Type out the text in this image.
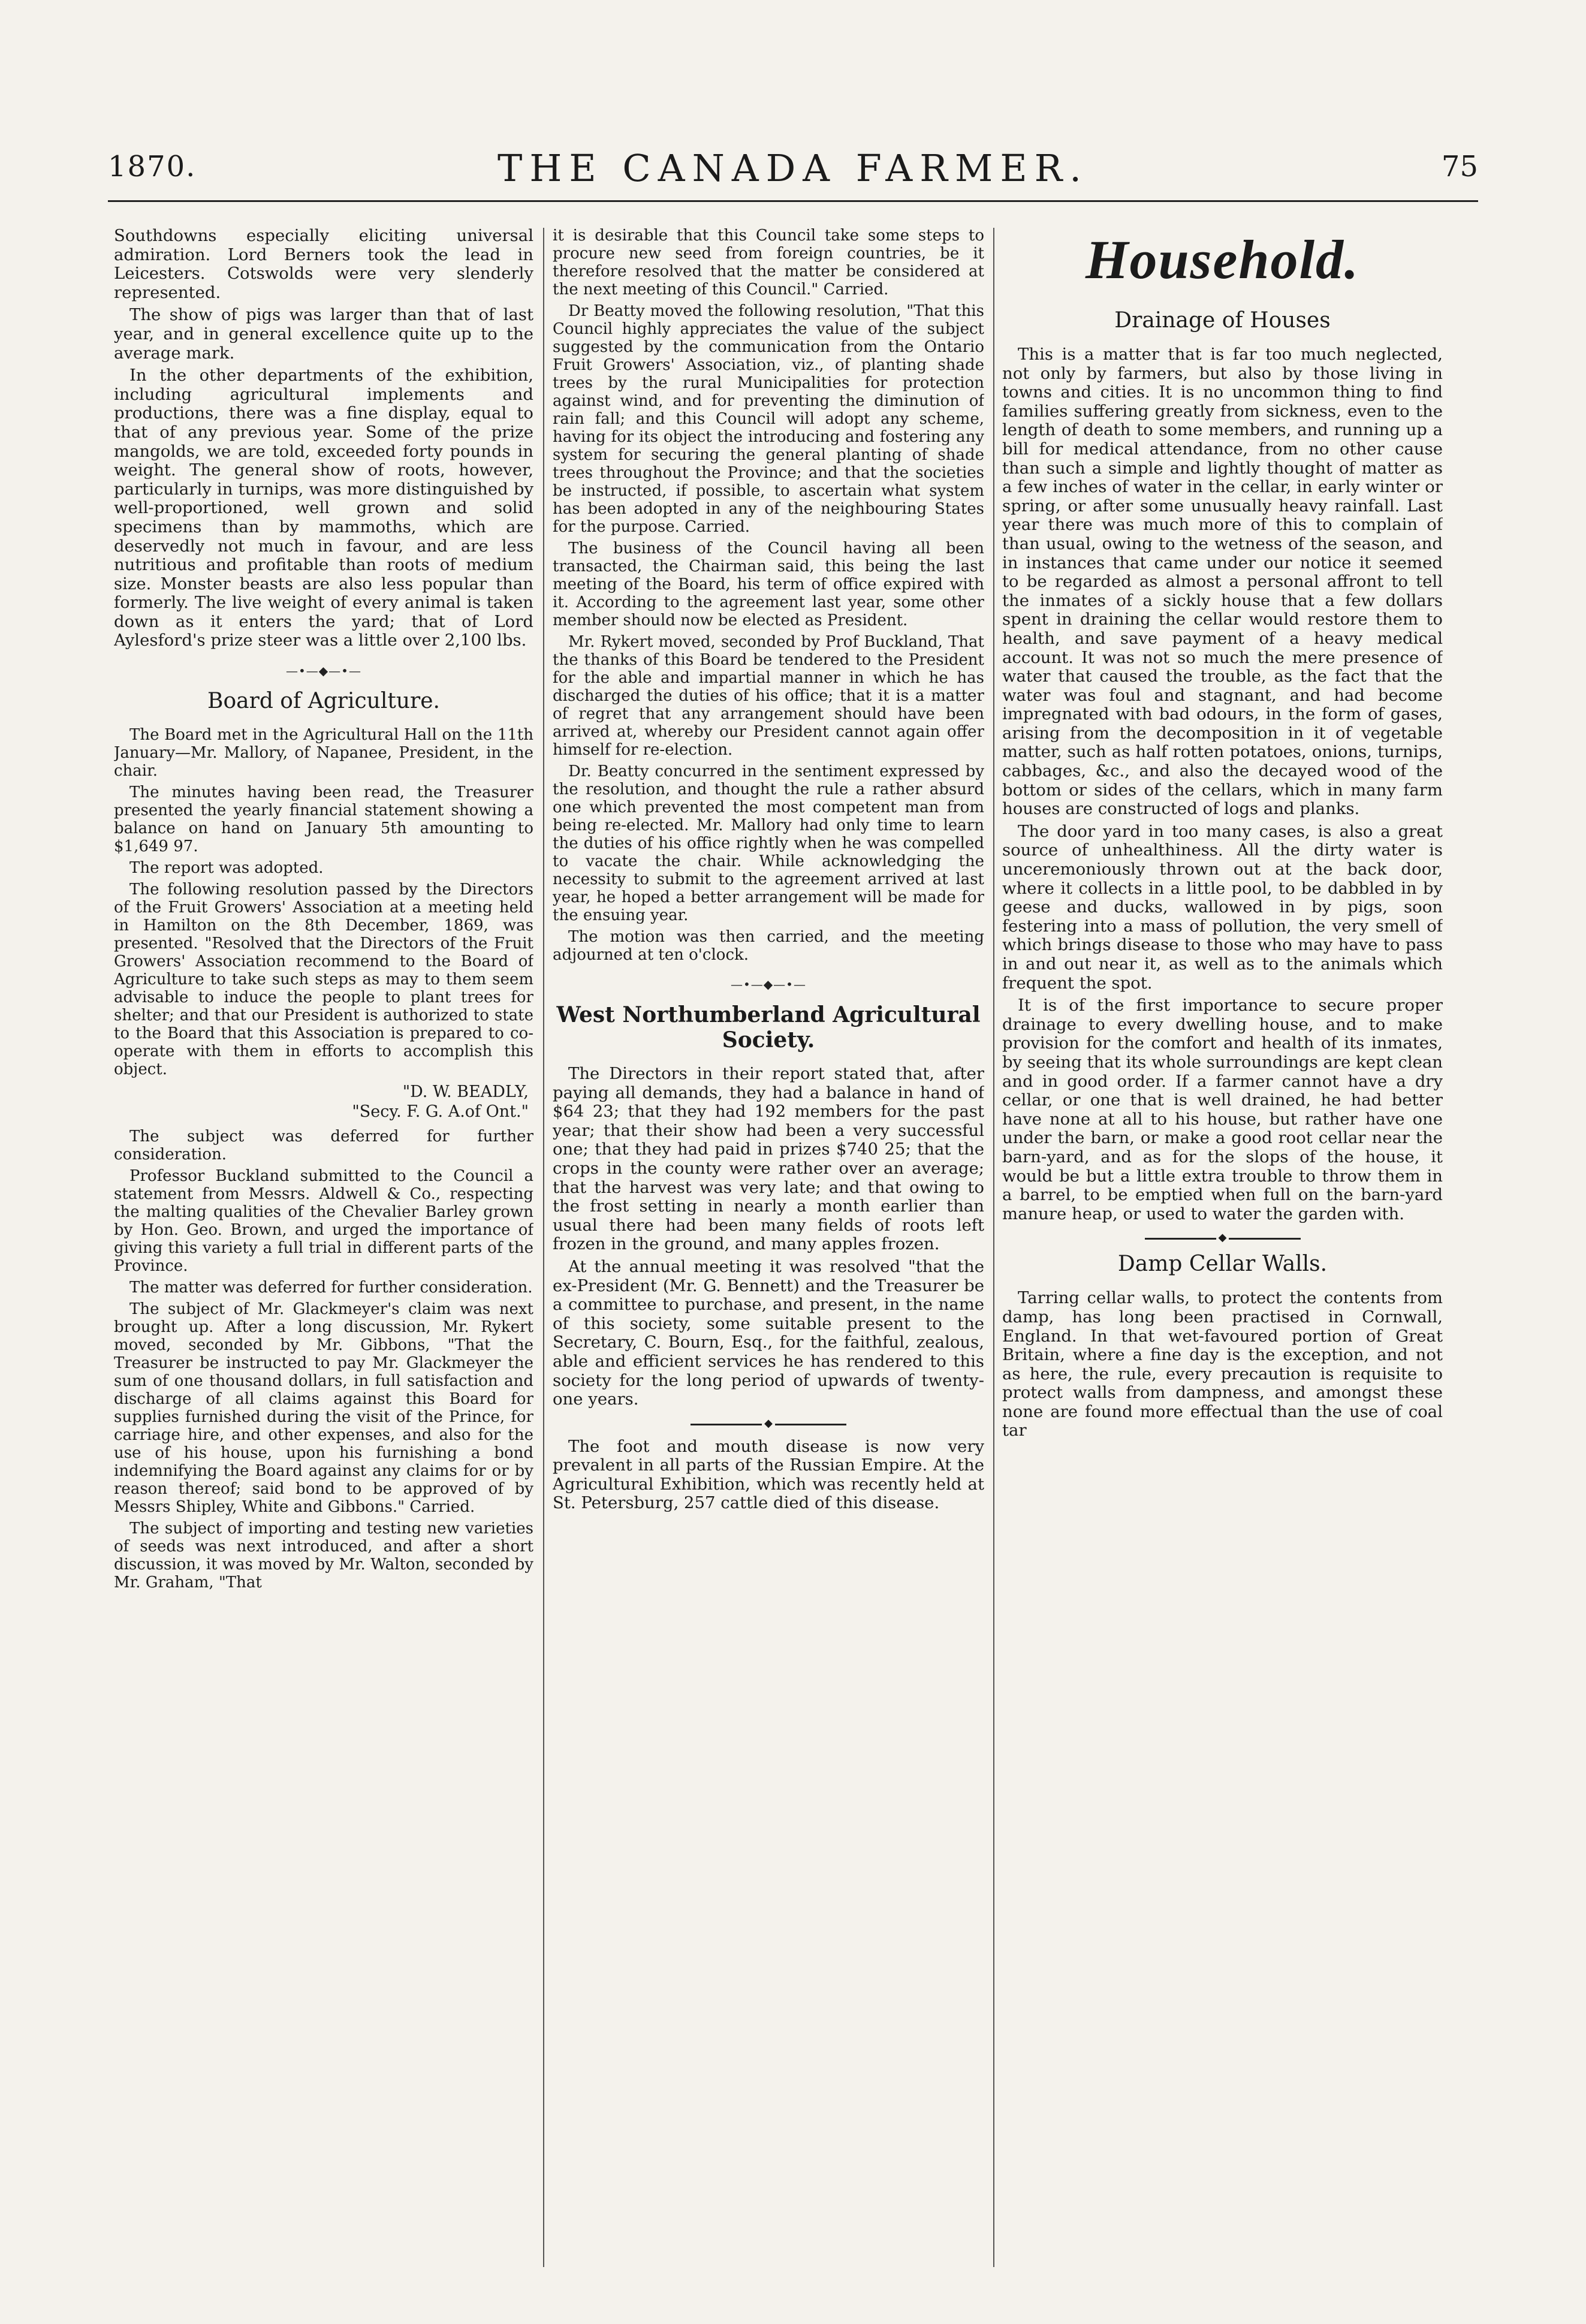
1870.	THE CANADA FARMER.	75

Southdowns especially eliciting universal admiration. Lord Berners took the lead in Leicesters. Cotswolds were very slenderly represented.

The show of pigs was larger than that of last year, and in general excellence quite up to the average mark.

In the other departments of the exhibition, including agricultural implements and productions, there was a fine display, equal to that of any previous year. Some of the prize mangolds, we are told, exceeded forty pounds in weight. The general show of roots, however, particularly in turnips, was more distinguished by well-proportioned, well grown and solid specimens than by mammoths, which are deservedly not much in favour, and are less nutritious and profitable than roots of medium size. Monster beasts are also less popular than formerly. The live weight of every animal is taken down as it enters the yard; that of Lord Aylesford's prize steer was a little over 2,100 lbs.

—•—◆—•—
Board of Agriculture.

The Board met in the Agricultural Hall on the 11th January—Mr. Mallory, of Napanee, President, in the chair.

The minutes having been read, the Treasurer presented the yearly financial statement showing a balance on hand on January 5th amounting to $1,649 97.

The report was adopted.

The following resolution passed by the Directors of the Fruit Growers' Association at a meeting held in Hamilton on the 8th December, 1869, was presented. "Resolved that the Directors of the Fruit Growers' Association recommend to the Board of Agriculture to take such steps as may to them seem advisable to induce the people to plant trees for shelter; and that our President is authorized to state to the Board that this Association is prepared to co-operate with them in efforts to accomplish this object.

"D. W. BEADLY,
"Secy. F. G. A.of Ont."

The subject was deferred for further consideration.

Professor Buckland submitted to the Council a statement from Messrs. Aldwell & Co., respecting the malting qualities of the Chevalier Barley grown by Hon. Geo. Brown, and urged the importance of giving this variety a full trial in different parts of the Province.

The matter was deferred for further consideration.

The subject of Mr. Glackmeyer's claim was next brought up. After a long discussion, Mr. Rykert moved, seconded by Mr. Gibbons, "That the Treasurer be instructed to pay Mr. Glackmeyer the sum of one thousand dollars, in full satisfaction and discharge of all claims against this Board for supplies furnished during the visit of the Prince, for carriage hire, and other expenses, and also for the use of his house, upon his furnishing a bond indemnifying the Board against any claims for or by reason thereof; said bond to be approved of by Messrs Shipley, White and Gibbons." Carried.

The subject of importing and testing new varieties of seeds was next introduced, and after a short discussion, it was moved by Mr. Walton, seconded by Mr. Graham, "That

it is desirable that this Council take some steps to procure new seed from foreign countries, be it therefore resolved that the matter be considered at the next meeting of this Council." Carried.

Dr Beatty moved the following resolution, "That this Council highly appreciates the value of the subject suggested by the communication from the Ontario Fruit Growers' Association, viz., of planting shade trees by the rural Municipalities for protection against wind, and for preventing the diminution of rain fall; and this Council will adopt any scheme, having for its object the introducing and fostering any system for securing the general planting of shade trees throughout the Province; and that the societies be instructed, if possible, to ascertain what system has been adopted in any of the neighbouring States for the purpose. Carried.

The business of the Council having all been transacted, the Chairman said, this being the last meeting of the Board, his term of office expired with it. According to the agreement last year, some other member should now be elected as President.

Mr. Rykert moved, seconded by Prof Buckland, That the thanks of this Board be tendered to the President for the able and impartial manner in which he has discharged the duties of his office; that it is a matter of regret that any arrangement should have been arrived at, whereby our President cannot again offer himself for re-election.

Dr. Beatty concurred in the sentiment expressed by the resolution, and thought the rule a rather absurd one which prevented the most competent man from being re-elected. Mr. Mallory had only time to learn the duties of his office rightly when he was compelled to vacate the chair. While acknowledging the necessity to submit to the agreement arrived at last year, he hoped a better arrangement will be made for the ensuing year.

The motion was then carried, and the meeting adjourned at ten o'clock.

—•—◆—•—
West Northumberland Agricultural Society.

The Directors in their report stated that, after paying all demands, they had a balance in hand of $64 23; that they had 192 members for the past year; that their show had been a very successful one; that they had paid in prizes $740 25; that the crops in the county were rather over an average; that the harvest was very late; and that owing to the frost setting in nearly a month earlier than usual there had been many fields of roots left frozen in the ground, and many apples frozen.

At the annual meeting it was resolved "that the ex-President (Mr. G. Bennett) and the Treasurer be a committee to purchase, and present, in the name of this society, some suitable present to the Secretary, C. Bourn, Esq., for the faithful, zealous, able and efficient services he has rendered to this society for the long period of upwards of twenty-one years.

◆

The foot and mouth disease is now very prevalent in all parts of the Russian Empire. At the Agricultural Exhibition, which was recently held at St. Petersburg, 257 cattle died of this disease.

Household.
Drainage of Houses

This is a matter that is far too much neglected, not only by farmers, but also by those living in towns and cities. It is no uncommon thing to find families suffering greatly from sickness, even to the length of death to some members, and running up a bill for medical attendance, from no other cause than such a simple and lightly thought of matter as a few inches of water in the cellar, in early winter or spring, or after some unusually heavy rainfall. Last year there was much more of this to complain of than usual, owing to the wetness of the season, and in instances that came under our notice it seemed to be regarded as almost a personal affront to tell the inmates of a sickly house that a few dollars spent in draining the cellar would restore them to health, and save payment of a heavy medical account. It was not so much the mere presence of water that caused the trouble, as the fact that the water was foul and stagnant, and had become impregnated with bad odours, in the form of gases, arising from the decomposition in it of vegetable matter, such as half rotten potatoes, onions, turnips, cabbages, &c., and also the decayed wood of the bottom or sides of the cellars, which in many farm houses are constructed of logs and planks.

The door yard in too many cases, is also a great source of unhealthiness. All the dirty water is unceremoniously thrown out at the back door, where it collects in a little pool, to be dabbled in by geese and ducks, wallowed in by pigs, soon festering into a mass of pollution, the very smell of which brings disease to those who may have to pass in and out near it, as well as to the animals which frequent the spot.

It is of the first importance to secure proper drainage to every dwelling house, and to make provision for the comfort and health of its inmates, by seeing that its whole surroundings are kept clean and in good order. If a farmer cannot have a dry cellar, or one that is well drained, he had better have none at all to his house, but rather have one under the barn, or make a good root cellar near the barn-yard, and as for the slops of the house, it would be but a little extra trouble to throw them in a barrel, to be emptied when full on the barn-yard manure heap, or used to water the garden with.

◆
Damp Cellar Walls.

Tarring cellar walls, to protect the contents from damp, has long been practised in Cornwall, England. In that wet-favoured portion of Great Britain, where a fine day is the exception, and not as here, the rule, every precaution is requisite to protect walls from dampness, and amongst these none are found more effectual than the use of coal tar
